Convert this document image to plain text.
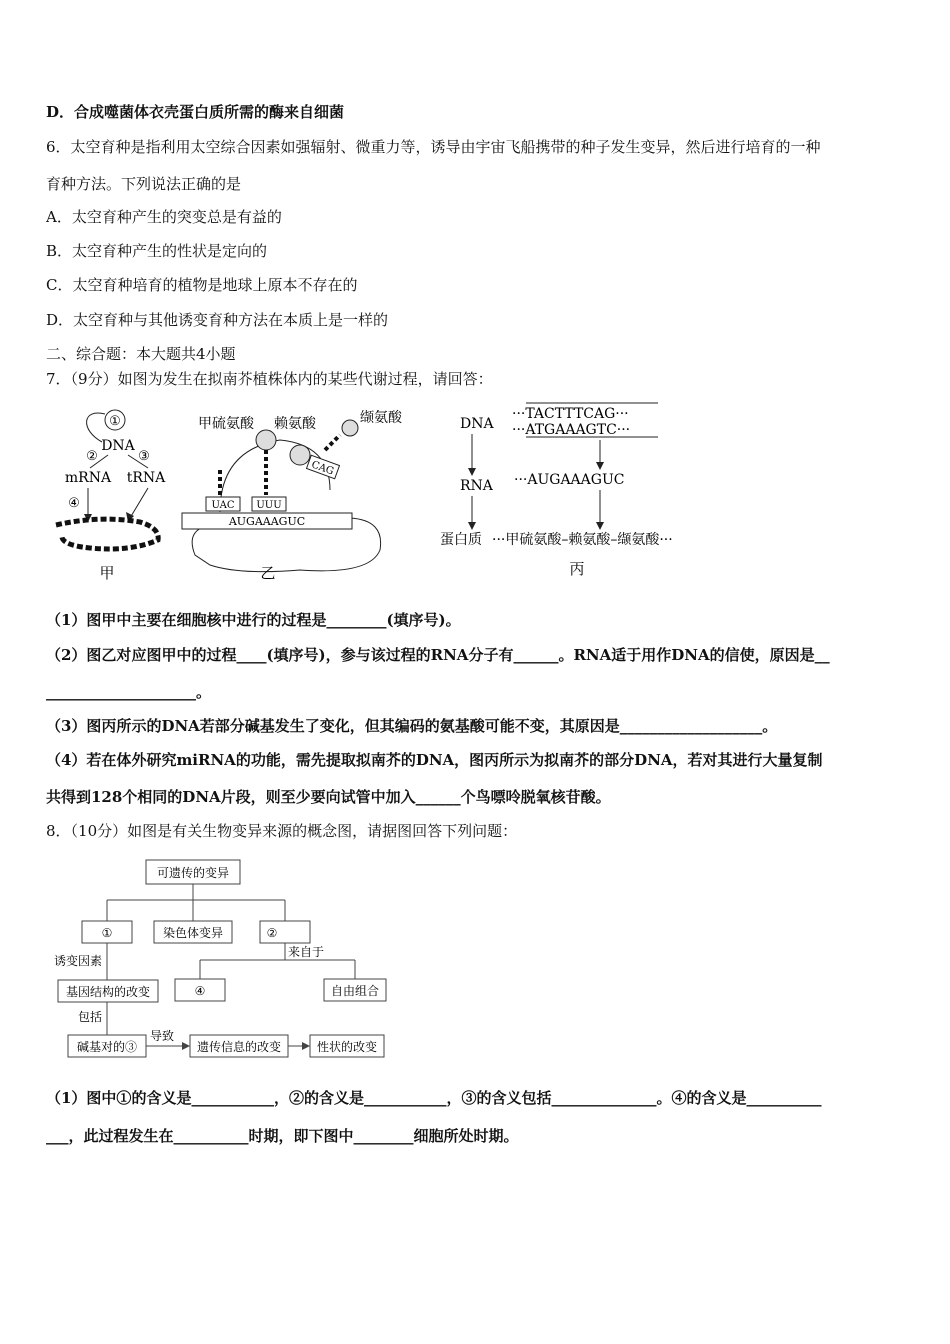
D．合成噬菌体衣壳蛋白质所需的酶来自细菌
6．太空育种是指利用太空综合因素如强辐射、微重力等，诱导由宇宙飞船携带的种子发生变异，然后进行培育的一种
育种方法。下列说法正确的是
A．太空育种产生的突变总是有益的
B．太空育种产生的性状是定向的
C．太空育种培育的植物是地球上原本不存在的
D．太空育种与其他诱变育种方法在本质上是一样的
二、综合题：本大题共4小题
7．（9分）如图为发生在拟南芥植株体内的某些代谢过程，请回答：
①
DNA
②	③
mRNA tRNA
④
甲
甲硫氨酸 赖氨酸	缬氨酸
UAC UUU
CAG
AUGAAAGUC
乙
DNA
RNA
蛋白质
···TACTTTCAG···
···ATGAAAGTC···
···AUGAAAGUC
···甲硫氨酸–赖氨酸–缬氨酸···
丙
（1）图甲中主要在细胞核中进行的过程是________(填序号)。
（2）图乙对应图甲中的过程____(填序号)，参与该过程的RNA分子有______。RNA适于用作DNA的信使，原因是__
____________________。
（3）图丙所示的DNA若部分碱基发生了变化，但其编码的氨基酸可能不变，其原因是___________________。
（4）若在体外研究miRNA的功能，需先提取拟南芥的DNA，图丙所示为拟南芥的部分DNA，若对其进行大量复制
共得到128个相同的DNA片段，则至少要向试管中加入______个鸟嘌呤脱氧核苷酸。
8．（10分）如图是有关生物变异来源的概念图，请据图回答下列问题：
可遗传的变异
①	染色体变异	②
诱变因素
来自于
基因结构的改变	④	自由组合
包括
碱基对的③
导致
遗传信息的改变	性状的改变
（1）图中①的含义是___________，②的含义是___________，③的含义包括______________。④的含义是__________
___，此过程发生在__________时期，即下图中________细胞所处时期。
